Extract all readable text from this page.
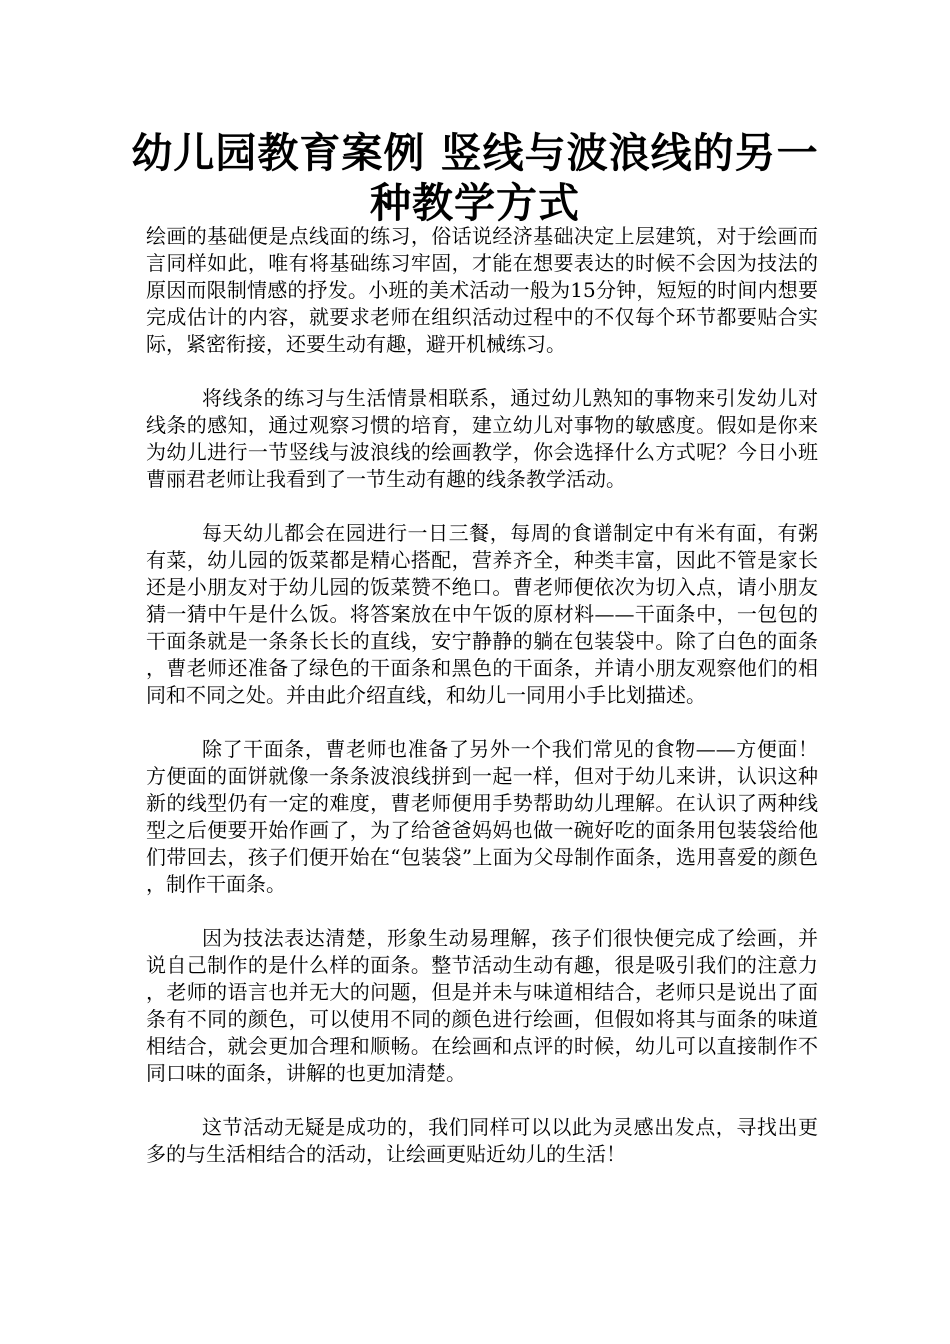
幼儿园教育案例 竖线与波浪线的另一种教学方式

绘画的基础便是点线面的练习，俗话说经济基础决定上层建筑，对于绘画而言同样如此，唯有将基础练习牢固，才能在想要表达的时候不会因为技法的原因而限制情感的抒发。小班的美术活动一般为15分钟，短短的时间内想要完成估计的内容，就要求老师在组织活动过程中的不仅每个环节都要贴合实际，紧密衔接，还要生动有趣，避开机械练习。

将线条的练习与生活情景相联系，通过幼儿熟知的事物来引发幼儿对线条的感知，通过观察习惯的培育，建立幼儿对事物的敏感度。假如是你来为幼儿进行一节竖线与波浪线的绘画教学，你会选择什么方式呢？今日小班曹丽君老师让我看到了一节生动有趣的线条教学活动。

每天幼儿都会在园进行一日三餐，每周的食谱制定中有米有面，有粥有菜，幼儿园的饭菜都是精心搭配，营养齐全，种类丰富，因此不管是家长还是小朋友对于幼儿园的饭菜赞不绝口。曹老师便依次为切入点，请小朋友猜一猜中午是什么饭。将答案放在中午饭的原材料——干面条中，一包包的干面条就是一条条长长的直线，安宁静静的躺在包装袋中。除了白色的面条，曹老师还准备了绿色的干面条和黑色的干面条，并请小朋友观察他们的相同和不同之处。并由此介绍直线，和幼儿一同用小手比划描述。

除了干面条，曹老师也准备了另外一个我们常见的食物——方便面！方便面的面饼就像一条条波浪线拼到一起一样，但对于幼儿来讲，认识这种新的线型仍有一定的难度，曹老师便用手势帮助幼儿理解。在认识了两种线型之后便要开始作画了，为了给爸爸妈妈也做一碗好吃的面条用包装袋给他们带回去，孩子们便开始在“包装袋”上面为父母制作面条，选用喜爱的颜色，制作干面条。

因为技法表达清楚，形象生动易理解，孩子们很快便完成了绘画，并说自己制作的是什么样的面条。整节活动生动有趣，很是吸引我们的注意力，老师的语言也并无大的问题，但是并未与味道相结合，老师只是说出了面条有不同的颜色，可以使用不同的颜色进行绘画，但假如将其与面条的味道相结合，就会更加合理和顺畅。在绘画和点评的时候，幼儿可以直接制作不同口味的面条，讲解的也更加清楚。

这节活动无疑是成功的，我们同样可以以此为灵感出发点，寻找出更多的与生活相结合的活动，让绘画更贴近幼儿的生活！
